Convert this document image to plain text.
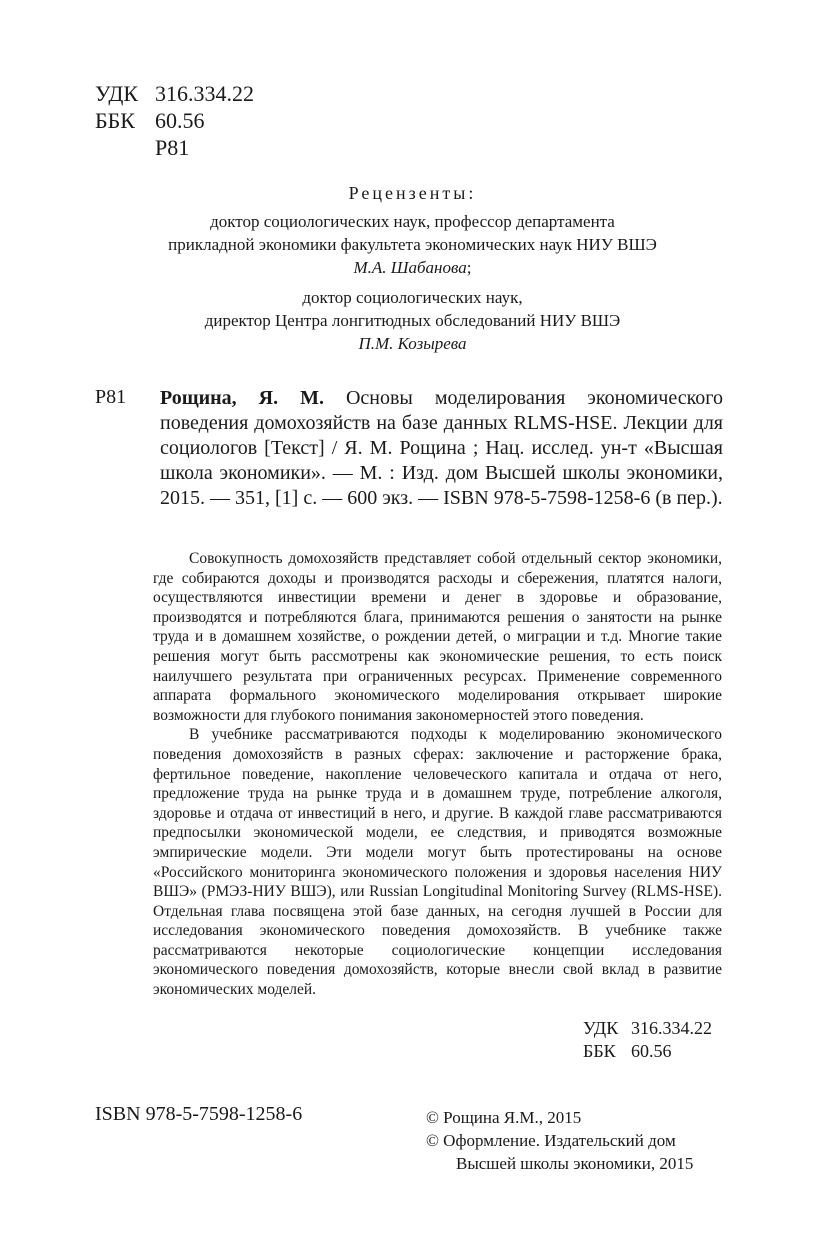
УДК 316.334.22
ББК 60.56
Р81
Рецензенты:
доктор социологических наук, профессор департамента
прикладной экономики факультета экономических наук НИУ ВШЭ
М.А. Шабанова;
доктор социологических наук,
директор Центра лонгитюдных обследований НИУ ВШЭ
П.М. Козырева
Р81 Рощина, Я. М. Основы моделирования экономического поведения домохозяйств на базе данных RLMS-HSE. Лекции для социологов [Текст] / Я. М. Рощина ; Нац. исслед. ун-т «Высшая школа экономики». — М. : Изд. дом Высшей школы экономики, 2015. — 351, [1] с. — 600 экз. — ISBN 978-5-7598-1258-6 (в пер.).

Совокупность домохозяйств представляет собой отдельный сектор экономики, где собираются доходы и производятся расходы и сбережения, платятся налоги, осуществляются инвестиции времени и денег в здоровье и образование, производятся и потребляются блага, принимаются решения о занятости на рынке труда и в домашнем хозяйстве, о рождении детей, о миграции и т.д. Многие такие решения могут быть рассмотрены как экономические решения, то есть поиск наилучшего результата при ограниченных ресурсах. Применение современного аппарата формального экономического моделирования открывает широкие возможности для глубокого понимания закономерностей этого поведения.

В учебнике рассматриваются подходы к моделированию экономического поведения домохозяйств в разных сферах: заключение и расторжение брака, фертильное поведение, накопление человеческого капитала и отдача от него, предложение труда на рынке труда и в домашнем труде, потребление алкоголя, здоровье и отдача от инвестиций в него, и другие. В каждой главе рассматриваются предпосылки экономической модели, ее следствия, и приводятся возможные эмпирические модели. Эти модели могут быть протестированы на основе «Российского мониторинга экономического положения и здоровья населения НИУ ВШЭ» (РМЭЗ-НИУ ВШЭ), или Russian Longitudinal Monitoring Survey (RLMS-HSE). Отдельная глава посвящена этой базе данных, на сегодня лучшей в России для исследования экономического поведения домохозяйств. В учебнике также рассматриваются некоторые социологические концепции исследования экономического поведения домохозяйств, которые внесли свой вклад в развитие экономических моделей.

УДК 316.334.22
ББК 60.56
ISBN 978-5-7598-1258-6	© Рощина Я.М., 2015
© Оформление. Издательский дом
Высшей школы экономики, 2015
